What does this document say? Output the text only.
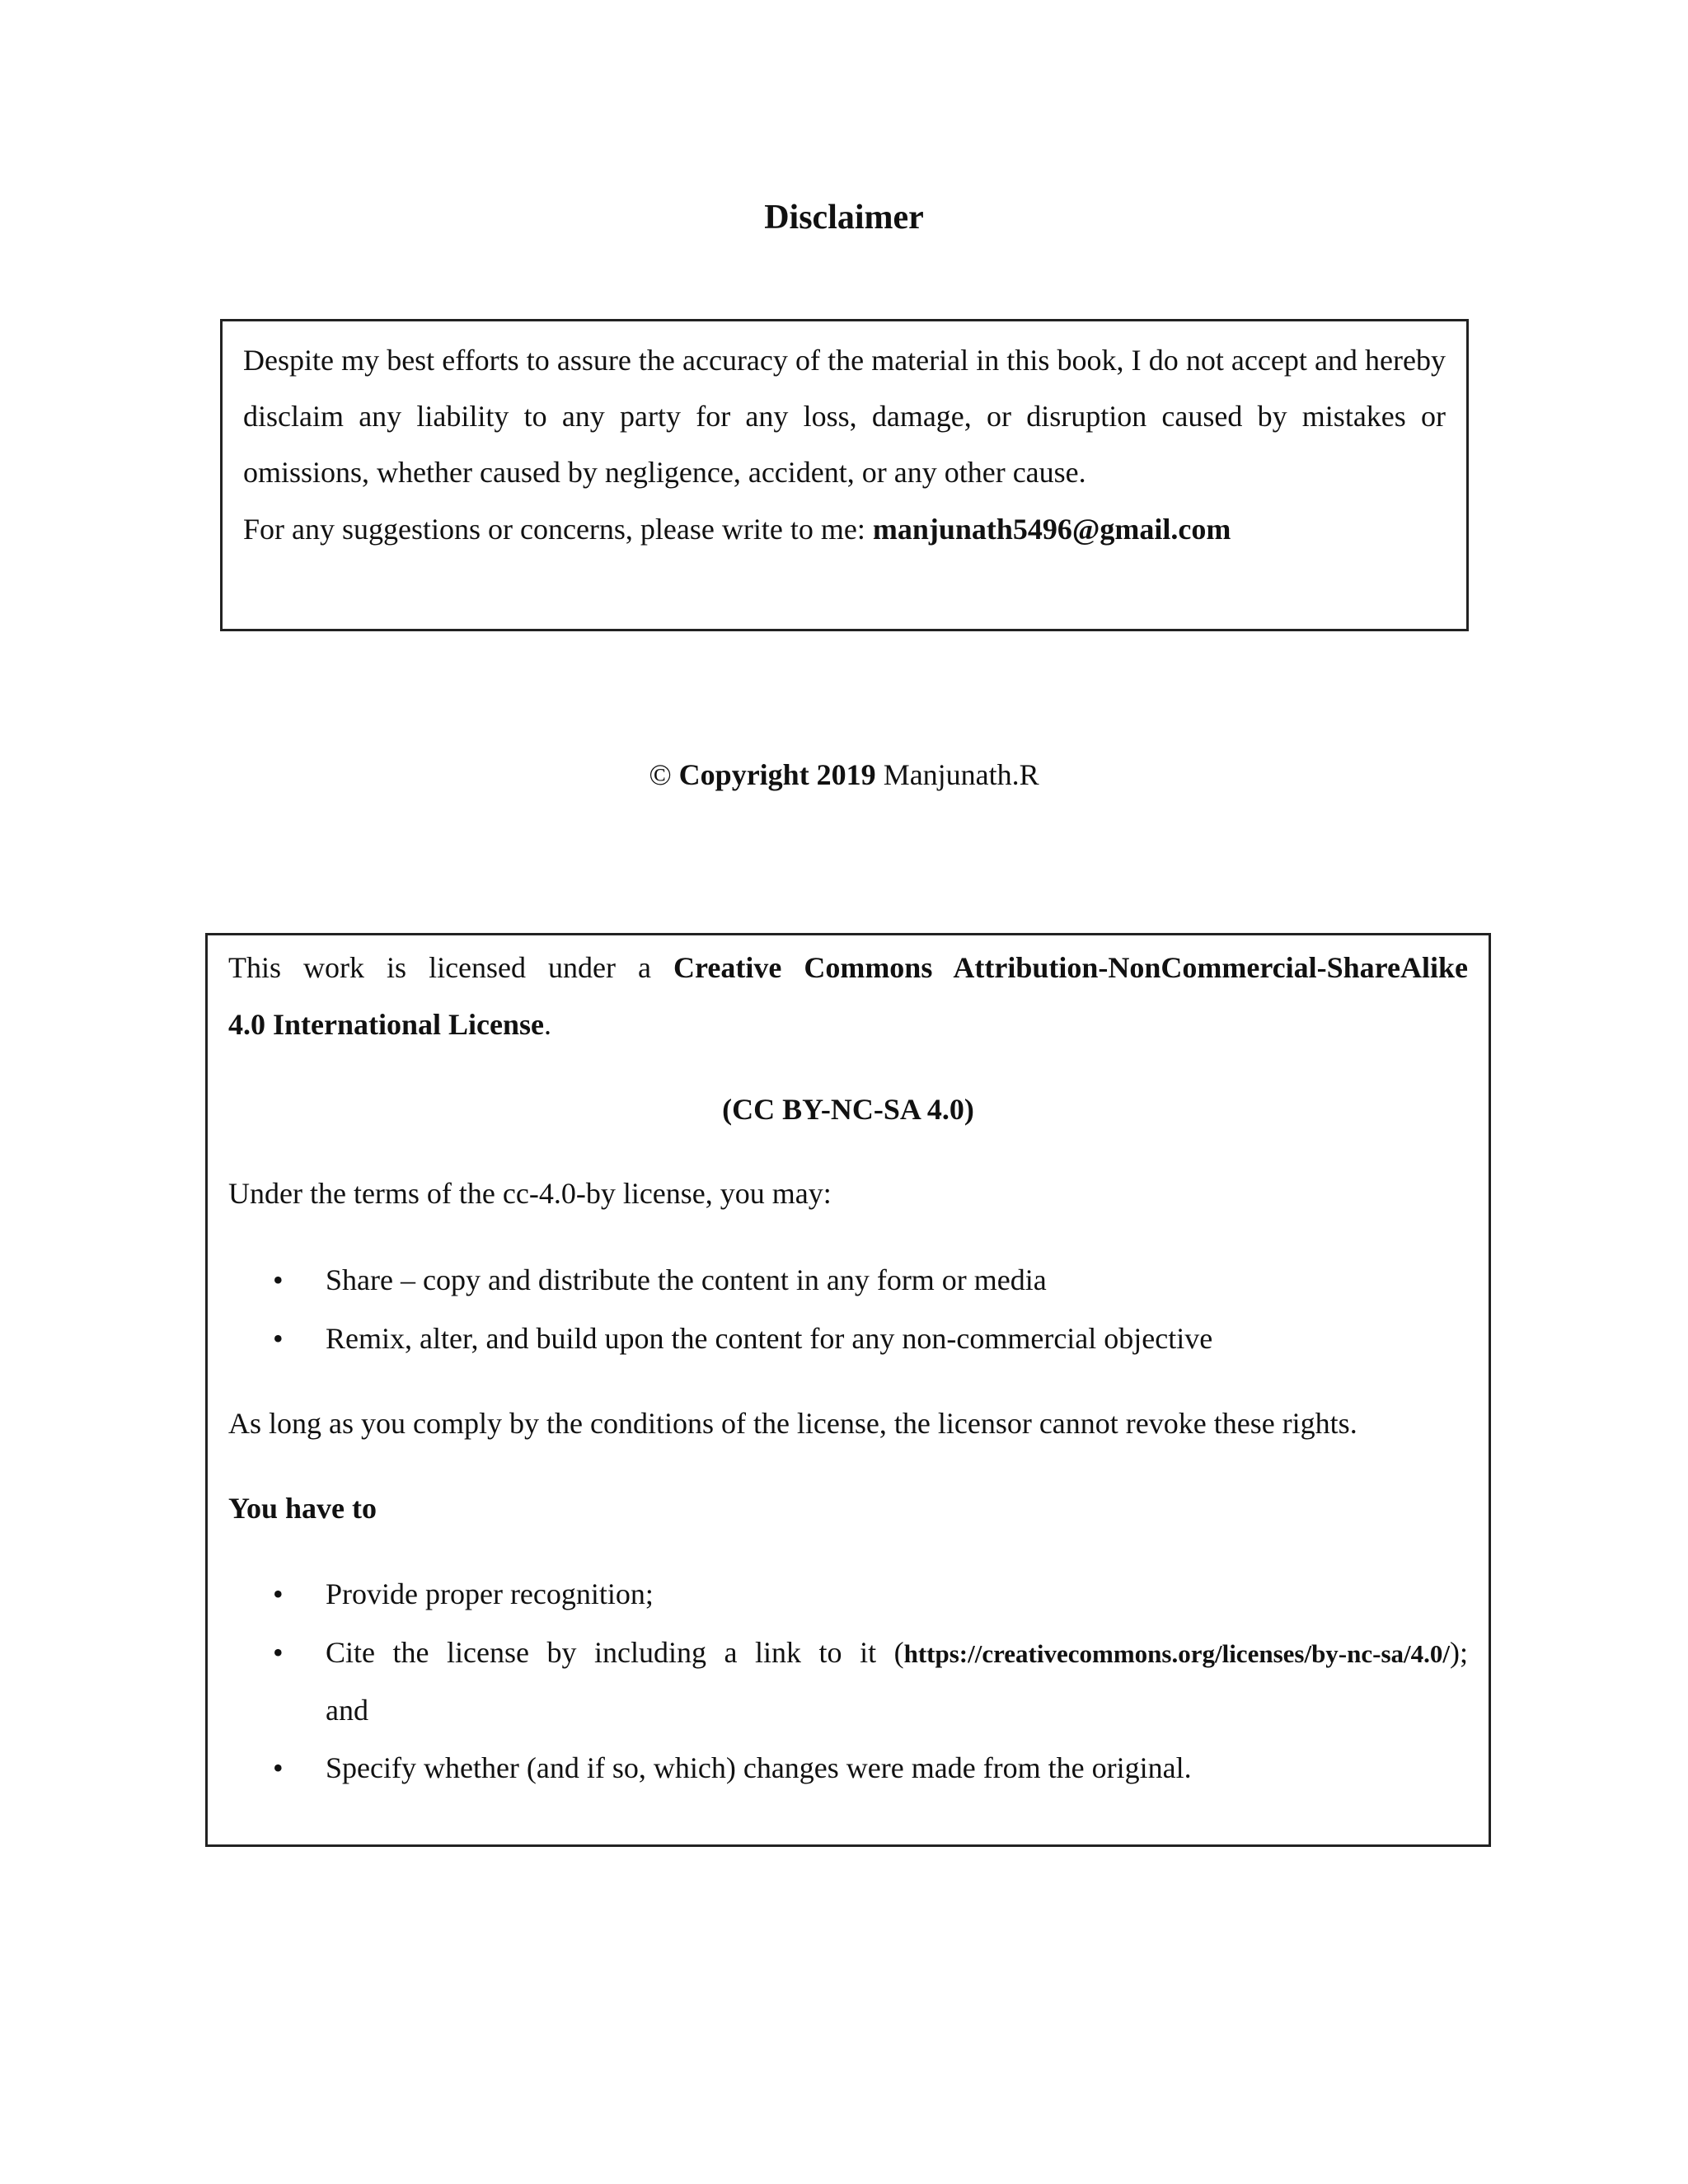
Disclaimer

Despite my best efforts to assure the accuracy of the material in this book, I do not accept and hereby disclaim any liability to any party for any loss, damage, or disruption caused by mistakes or omissions, whether caused by negligence, accident, or any other cause.

For any suggestions or concerns, please write to me: manjunath5496@gmail.com

© Copyright 2019 Manjunath.R

This work is licensed under a Creative Commons Attribution-NonCommercial-ShareAlike

4.0 International License.

(CC BY-NC-SA 4.0)

Under the terms of the cc-4.0-by license, you may:

• Share – copy and distribute the content in any form or media

• Remix, alter, and build upon the content for any non-commercial objective

As long as you comply by the conditions of the license, the licensor cannot revoke these rights.

You have to

• Provide proper recognition;

• Cite the license by including a link to it (https://creativecommons.org/licenses/by-nc-sa/4.0/);

and

• Specify whether (and if so, which) changes were made from the original.
